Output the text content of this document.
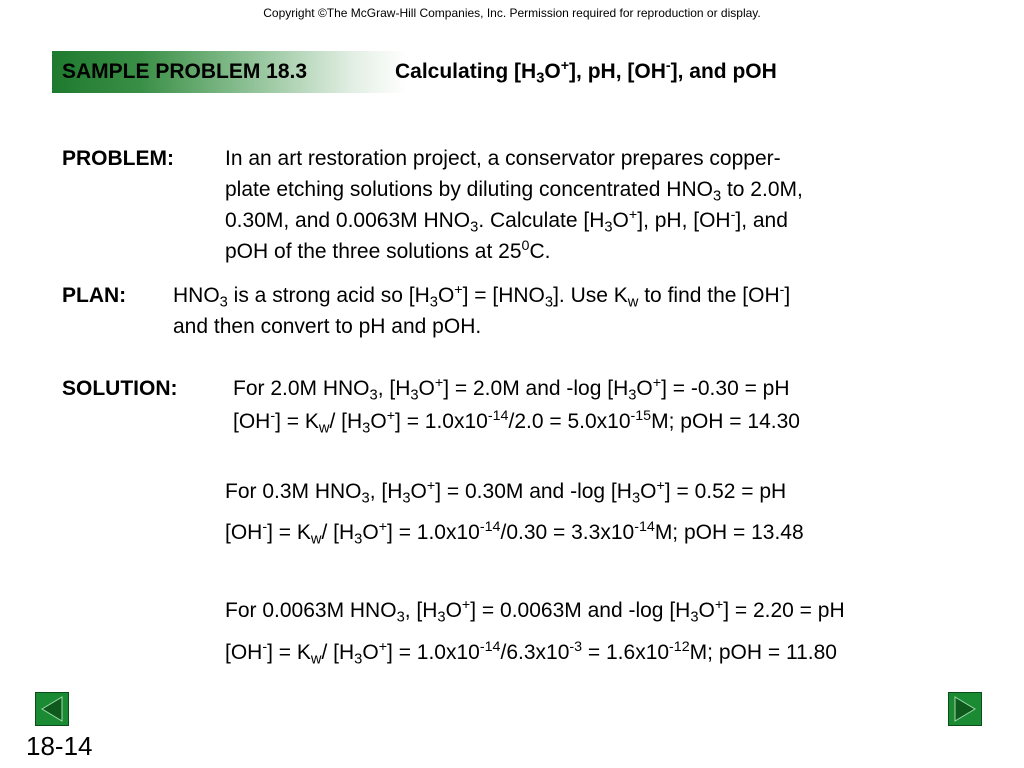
Copyright ©The McGraw-Hill Companies, Inc. Permission required for reproduction or display.
SAMPLE PROBLEM 18.3	Calculating $[H_3O^+]$, pH, [OH-], and pOH
PROBLEM: In an art restoration project, a conservator prepares copper-
plate etching solutions by diluting concentrated $HNO_3$ to 2.0M,
0.30M, and 0.0063M $HNO_3$. Calculate $[H_3O^+]$, pH, [OH-], and
pOH of the three solutions at $25^0C$.
PLAN: $HNO_3$ is a strong acid so $[H_3O^+] = [HNO_3]$. Use $K_w$ to find the [OH-]
and then convert to pH and pOH.
SOLUTION:	For 2.0M $HNO_3$, $[H_3O^+] = 2.0M$ and -log $[H_3O^+] = -0.30$ = pH
$[OH^-] = K_w/$ $[H_3O^+] = 1.0x10^{-14}/2.0 = 5.0x10^{-15}M$; pOH = 14.30
For 0.3M $HNO_3$, $[H_3O^+] = 0.30M$ and -log $[H_3O^+] = 0.52$ = pH
$[OH^-] = K_w/$ $[H_3O^+] = 1.0x10^{-14}/0.30 = 3.3x10^{-14}M$; pOH = 13.48
For 0.0063M $HNO_3$, $[H_3O^+] = 0.0063M$ and -log $[H_3O^+] = 2.20$ = pH
$[OH^-] = K_w/$ $[H_3O^+] = 1.0x10^{-14}/6.3x10^{-3} = 1.6x10^{-12}M$; pOH = 11.80
18-14
